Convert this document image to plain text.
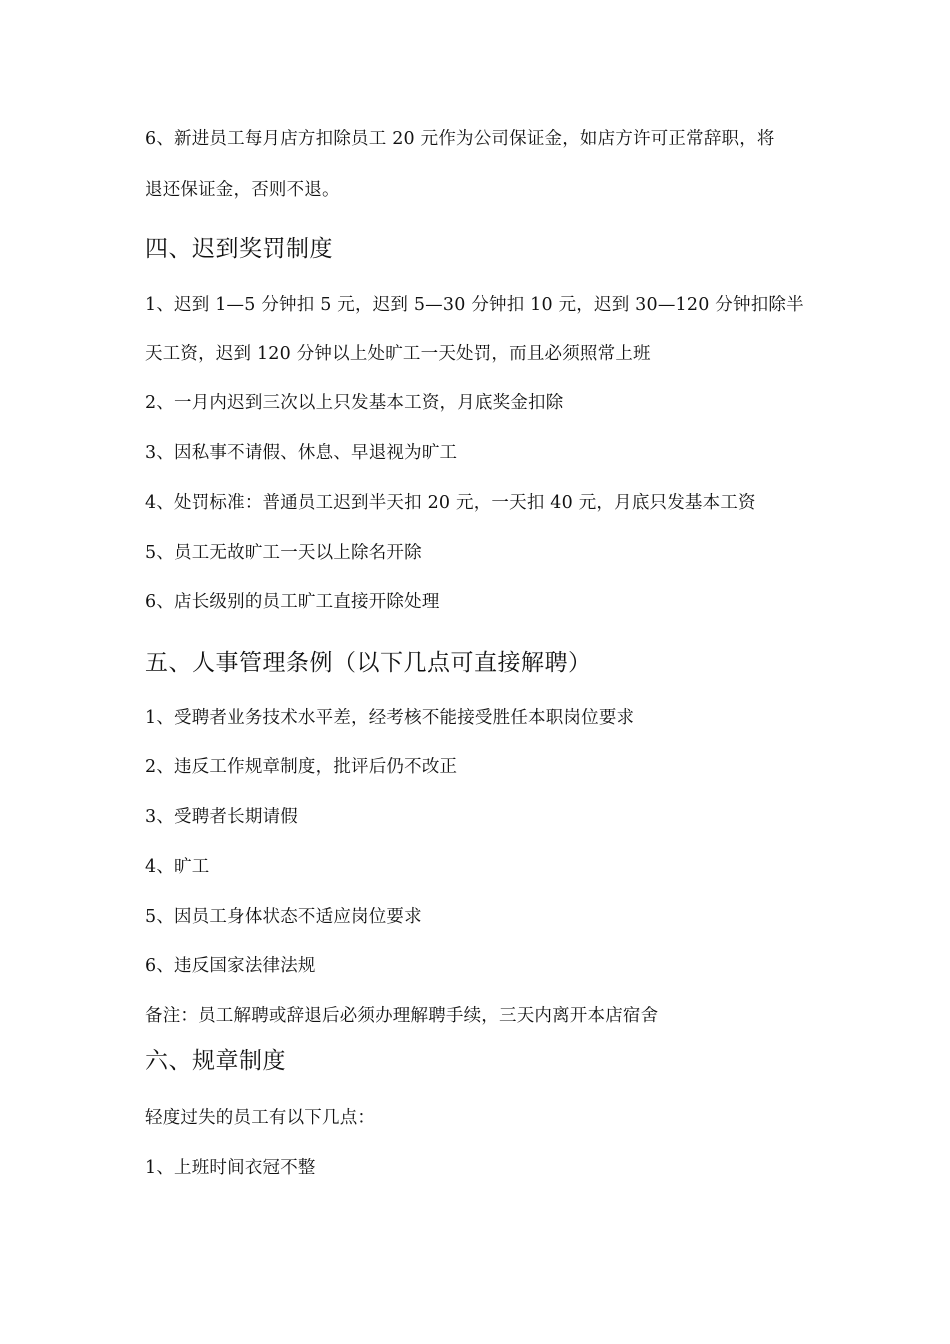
6、新进员工每月店方扣除员工 20 元作为公司保证金，如店方许可正常辞职，将
退还保证金，否则不退。
四、迟到奖罚制度
1、迟到 1—5 分钟扣 5 元，迟到 5—30 分钟扣 10 元，迟到 30—120 分钟扣除半
天工资，迟到 120 分钟以上处旷工一天处罚，而且必须照常上班
2、一月内迟到三次以上只发基本工资，月底奖金扣除
3、因私事不请假、休息、早退视为旷工
4、处罚标准：普通员工迟到半天扣 20 元，一天扣 40 元，月底只发基本工资
5、员工无故旷工一天以上除名开除
6、店长级别的员工旷工直接开除处理
五、人事管理条例（以下几点可直接解聘）
1、受聘者业务技术水平差，经考核不能接受胜任本职岗位要求
2、违反工作规章制度，批评后仍不改正
3、受聘者长期请假
4、旷工
5、因员工身体状态不适应岗位要求
6、违反国家法律法规
备注：员工解聘或辞退后必须办理解聘手续，三天内离开本店宿舍
六、规章制度
轻度过失的员工有以下几点：
1、上班时间衣冠不整
